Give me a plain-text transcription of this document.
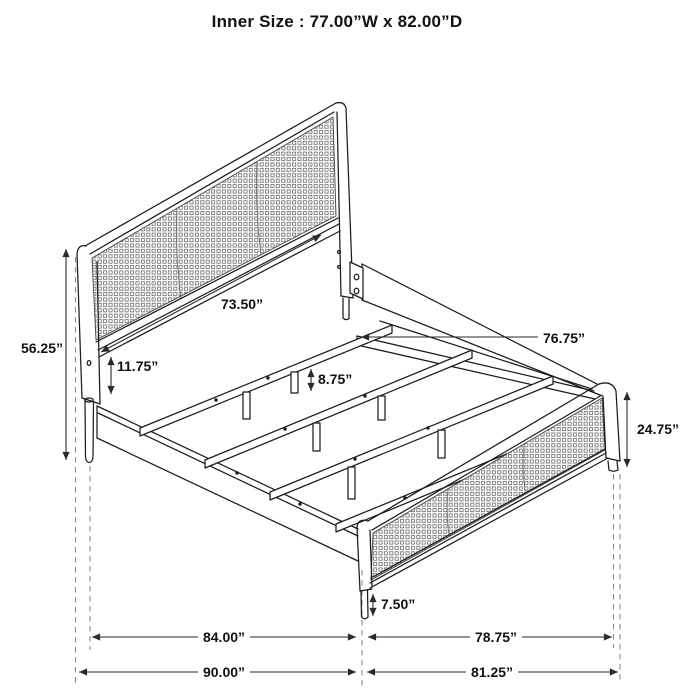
Inner Size : 77.00”W x 82.00”D
56.25”
73.50”
11.75”
8.75”
76.75”
24.75”
7.50”
84.00”	78.75”
90.00”	81.25”
